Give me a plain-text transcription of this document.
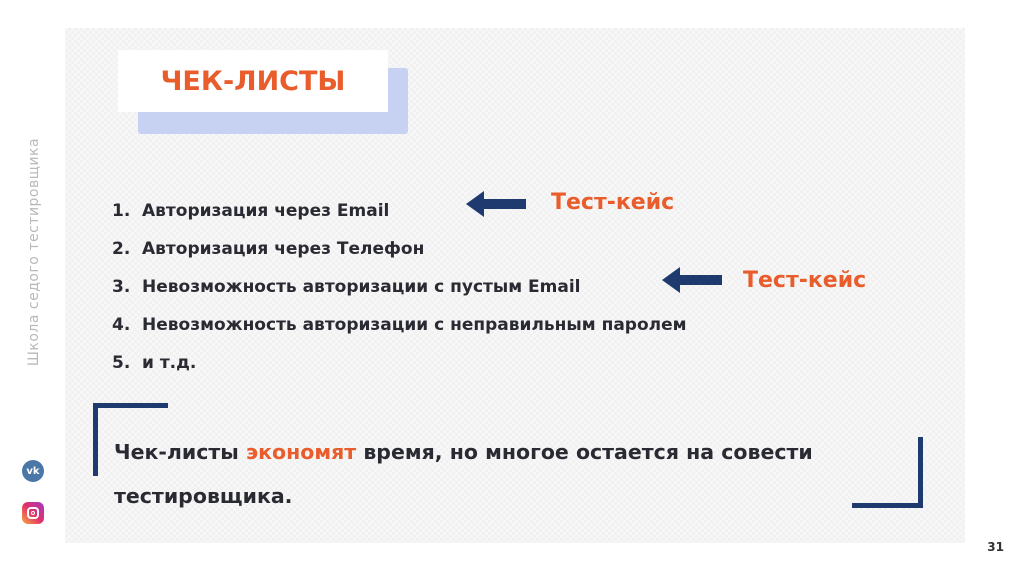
Школа седого тестировщика
vk
ЧЕК-ЛИСТЫ
1. Авторизация через Email
2. Авторизация через Телефон
3. Невозможность авторизации с пустым Email
4. Невозможность авторизации с неправильным паролем
5. и т.д.
Тест-кейс
Тест-кейс
Чек-листы экономят время, но многое остается на совести тестировщика.
31
